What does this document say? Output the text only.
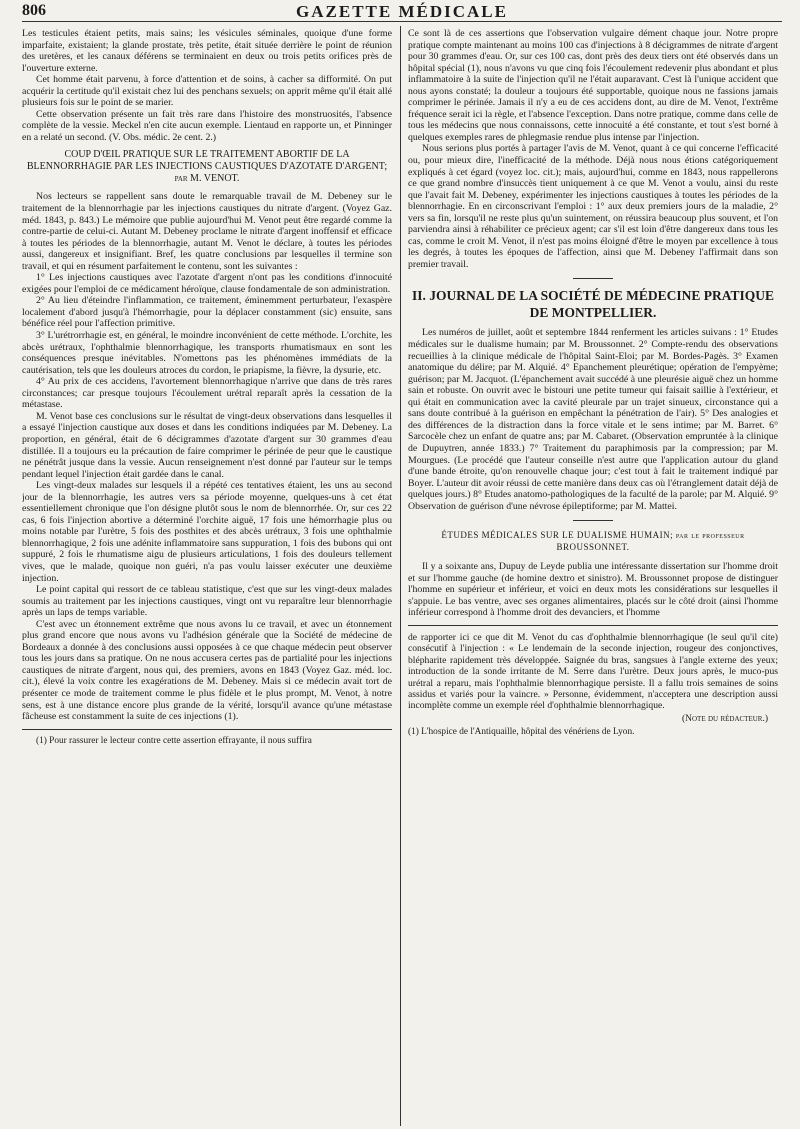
806	GAZETTE MÉDICALE

Les testicules étaient petits, mais sains; les vésicules séminales, quoique d'une forme imparfaite, existaient; la glande prostate, très petite, était située derrière le point de réunion des uretères, et les canaux déférens se terminaient en deux ou trois petits orifices près de l'ouverture externe.

Cet homme était parvenu, à force d'attention et de soins, à cacher sa difformité. On put acquérir la certitude qu'il existait chez lui des penchans sexuels; on apprit même qu'il était allé plusieurs fois sur le point de se marier.

Cette observation présente un fait très rare dans l'histoire des monstruosités, l'absence complète de la vessie. Meckel n'en cite aucun exemple. Lientaud en rapporte un, et Pinninger en a relaté un second. (V. Obs. médic. 2e cent. 2.)

COUP D'ŒIL PRATIQUE SUR LE TRAITEMENT ABORTIF DE LA BLENNORRHAGIE PAR LES INJECTIONS CAUSTIQUES D'AZOTATE D'ARGENT; par M. VENOT.

Nos lecteurs se rappellent sans doute le remarquable travail de M. Debeney sur le traitement de la blennorrhagie par les injections caustiques du nitrate d'argent. (Voyez Gaz. méd. 1843, p. 843.) Le mémoire que publie aujourd'hui M. Venot peut être regardé comme la contre-partie de celui-ci. Autant M. Debeney proclame le nitrate d'argent inoffensif et efficace à toutes les périodes de la blennorrhagie, autant M. Venot le déclare, à toutes les périodes aussi, dangereux et insignifiant. Bref, les quatre conclusions par lesquelles il termine son travail, et qui en résument parfaitement le contenu, sont les suivantes :

1° Les injections caustiques avec l'azotate d'argent n'ont pas les conditions d'innocuité exigées pour l'emploi de ce médicament héroïque, clause fondamentale de son administration.

2° Au lieu d'éteindre l'inflammation, ce traitement, éminemment perturbateur, l'exaspère localement d'abord jusqu'à l'hémorrhagie, pour la déplacer constamment (sic) ensuite, sans bénéfice réel pour l'affection primitive.

3° L'urétrorrhagie est, en général, le moindre inconvénient de cette méthode. L'orchite, les abcès urétraux, l'ophthalmie blennorrhagique, les transports rhumatismaux en sont les conséquences presque inévitables. N'omettons pas les phénomènes immédiats de la cautérisation, tels que les douleurs atroces du cordon, le priapisme, la fièvre, la dysurie, etc.

4° Au prix de ces accidens, l'avortement blennorrhagique n'arrive que dans de très rares circonstances; car presque toujours l'écoulement urétral reparaît après la cessation de la métastase.

M. Venot base ces conclusions sur le résultat de vingt-deux observations dans lesquelles il a essayé l'injection caustique aux doses et dans les conditions indiquées par M. Debeney. La proportion, en général, était de 6 décigrammes d'azotate d'argent sur 30 grammes d'eau distillée. Il a toujours eu la précaution de faire comprimer le périnée de peur que le caustique ne pénétrât jusque dans la vessie. Aucun renseignement n'est donné par l'auteur sur le temps pendant lequel l'injection était gardée dans le canal.

Les vingt-deux malades sur lesquels il a répété ces tentatives étaient, les uns au second jour de la blennorrhagie, les autres vers sa période moyenne, quelques-uns à cet état essentiellement chronique que l'on désigne plutôt sous le nom de blennorrhée. Or, sur ces 22 cas, 6 fois l'injection abortive a déterminé l'orchite aiguë, 17 fois une hémorrhagie plus ou moins notable par l'urètre, 5 fois des posthites et des abcès urétraux, 3 fois une ophthalmie blennorrhagique, 2 fois une adénite inflammatoire sans suppuration, 1 fois des bubons qui ont suppuré, 2 fois le rhumatisme aigu de plusieurs articulations, 1 fois des douleurs tellement vives, que le malade, quoique non guéri, n'a pas voulu laisser exécuter une deuxième injection.

Le point capital qui ressort de ce tableau statistique, c'est que sur les vingt-deux malades soumis au traitement par les injections caustiques, vingt ont vu reparaître leur blennorrhagie après un laps de temps variable.

C'est avec un étonnement extrême que nous avons lu ce travail, et avec un étonnement plus grand encore que nous avons vu l'adhésion générale que la Société de médecine de Bordeaux a donnée à des conclusions aussi opposées à ce que chaque médecin peut observer tous les jours dans sa pratique. On ne nous accusera certes pas de partialité pour les injections caustiques de nitrate d'argent, nous qui, des premiers, avons en 1843 (Voyez Gaz. méd. loc. cit.), élevé la voix contre les exagérations de M. Debeney. Mais si ce médecin avait tort de présenter ce mode de traitement comme le plus fidèle et le plus prompt, M. Venot, à notre sens, est à une distance encore plus grande de la vérité, lorsqu'il avance qu'une métastase fâcheuse est constamment la suite de ces injections (1).

(1) Pour rassurer le lecteur contre cette assertion effrayante, il nous suffira

Ce sont là de ces assertions que l'observation vulgaire dément chaque jour. Notre propre pratique compte maintenant au moins 100 cas d'injections à 8 décigrammes de nitrate d'argent pour 30 grammes d'eau. Or, sur ces 100 cas, dont près des deux tiers ont été observés dans un hôpital spécial (1), nous n'avons vu que cinq fois l'écoulement redevenir plus abondant et plus inflammatoire à la suite de l'injection qu'il ne l'était auparavant. C'est là l'unique accident que nous ayons constaté; la douleur a toujours été supportable, quoique nous ne fassions jamais comprimer le périnée. Jamais il n'y a eu de ces accidens dont, au dire de M. Venot, l'extrême fréquence serait ici la règle, et l'absence l'exception. Dans notre pratique, comme dans celle de tous les médecins que nous connaissons, cette innocuité a été constante, et tout s'est borné à quelques exemples rares de phlegmasie rendue plus intense par l'injection.

Nous serions plus portés à partager l'avis de M. Venot, quant à ce qui concerne l'efficacité ou, pour mieux dire, l'inefficacité de la méthode. Déjà nous nous étions catégoriquement expliqués à cet égard (voyez loc. cit.); mais, aujourd'hui, comme en 1843, nous rappellerons ce que grand nombre d'insuccès tient uniquement à ce que M. Venot a voulu, ainsi du reste que l'avait fait M. Debeney, expérimenter les injections caustiques à toutes les périodes de la blennorrhagie. En en circonscrivant l'emploi : 1° aux deux premiers jours de la maladie, 2° vers sa fin, lorsqu'il ne reste plus qu'un suintement, on réussira beaucoup plus souvent, et l'on parviendra ainsi à réhabiliter ce précieux agent; car s'il est loin d'être dangereux dans tous les cas, comme le croit M. Venot, il n'est pas moins éloigné d'être le moyen par excellence à tous les degrés, à toutes les époques de l'affection, ainsi que M. Debeney l'affirmait dans son premier travail.

II. JOURNAL DE LA SOCIÉTÉ DE MÉDECINE PRATIQUE DE MONTPELLIER.

Les numéros de juillet, août et septembre 1844 renferment les articles suivans : 1° Etudes médicales sur le dualisme humain; par M. Broussonnet. 2° Compte-rendu des observations recueillies à la clinique médicale de l'hôpital Saint-Eloi; par M. Bordes-Pagès. 3° Examen anatomique du délire; par M. Alquié. 4° Epanchement pleurétique; opération de l'empyème; guérison; par M. Jacquot. (L'épanchement avait succédé à une pleurésie aiguë chez un homme sain et robuste. On ouvrit avec le bistouri une petite tumeur qui faisait saillie à l'extérieur, et qui était en communication avec la cavité pleurale par un trajet sinueux, circonstance qui a sans doute contribué à la guérison en empêchant la pénétration de l'air). 5° Des analogies et des différences de la distraction dans la force vitale et le sens intime; par M. Barret. 6° Sarcocèle chez un enfant de quatre ans; par M. Cabaret. (Observation empruntée à la clinique de Dupuytren, année 1833.) 7° Traitement du paraphimosis par la compression; par M. Mourgues. (Le procédé que l'auteur conseille n'est autre que l'application autour du gland d'une bande étroite, qu'on renouvelle chaque jour; c'est tout à fait le traitement indiqué par Boyer. L'auteur dit avoir réussi de cette manière dans deux cas où l'étranglement datait déjà de quelques jours.) 8° Etudes anatomo-pathologiques de la faculté de la parole; par M. Alquié. 9° Observation de guérison d'une névrose épileptiforme; par M. Mattei.

ÉTUDES MÉDICALES SUR LE DUALISME HUMAIN; par le professeur BROUSSONNET.

Il y a soixante ans, Dupuy de Leyde publia une intéressante dissertation sur l'homme droit et sur l'homme gauche (de homine dextro et sinistro). M. Broussonnet propose de distinguer l'homme en supérieur et inférieur, et voici en deux mots les considérations sur lesquelles il s'appuie. Le bas ventre, avec ses organes alimentaires, placés sur le côté droit (ainsi l'homme inférieur correspond à l'homme droit des devanciers, et l'homme

de rapporter ici ce que dit M. Venot du cas d'ophthalmie blennorrhagique (le seul qu'il cite) consécutif à l'injection : « Le lendemain de la seconde injection, rougeur des conjonctives, blépharite rapidement très développée. Saignée du bras, sangsues à l'angle externe des yeux; introduction de la sonde irritante de M. Serre dans l'urètre. Deux jours après, le muco-pus urétral a reparu, mais l'ophthalmie blennorrhagique persiste. Il a fallu trois semaines de soins assidus et variés pour la vaincre. » Personne, évidemment, n'acceptera une description aussi incomplète comme un exemple réel d'ophthalmie blennorrhagique.

(Note du rédacteur.)

(1) L'hospice de l'Antiquaille, hôpital des vénériens de Lyon.
